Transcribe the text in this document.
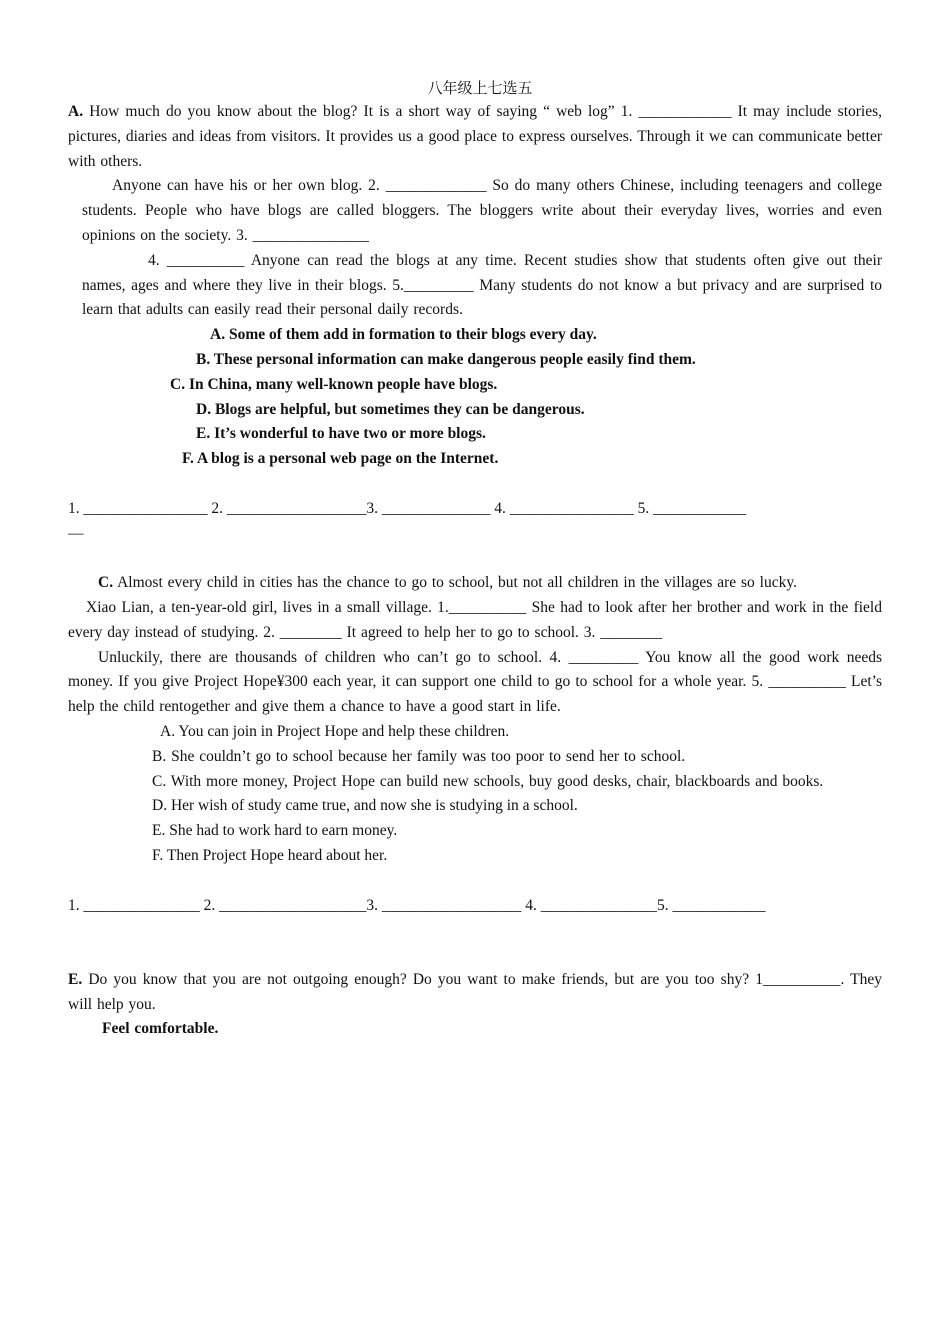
八年级上七选五
A. How much do you know about the blog? It is a short way of saying “ web log” 1. ____________ It may include stories, pictures, diaries and ideas from visitors. It provides us a good place to express ourselves. Through it we can communicate better with others.
Anyone can have his or her own blog. 2. _____________ So do many others Chinese, including teenagers and college students. People who have blogs are called bloggers. The bloggers write about their everyday lives, worries and even opinions on the society. 3. _______________
4. __________ Anyone can read the blogs at any time. Recent studies show that students often give out their names, ages and where they live in their blogs. 5._________ Many students do not know a but privacy and are surprised to learn that adults can easily read their personal daily records.
A. Some of them add in formation to their blogs every day.
B. These personal information can make dangerous people easily find them.
C. In China, many well-known people have blogs.
D. Blogs are helpful, but sometimes they can be dangerous.
E. It’s wonderful to have two or more blogs.
F. A blog is a personal web page on the Internet.
1. ________________ 2. __________________3. ______________ 4. ________________ 5. ____________
—
C. Almost every child in cities has the chance to go to school, but not all children in the villages are so lucky.
Xiao Lian, a ten-year-old girl, lives in a small village. 1.__________ She had to look after her brother and work in the field every day instead of studying. 2. ________ It agreed to help her to go to school. 3. ________
Unluckily, there are thousands of children who can’t go to school. 4. _________ You know all the good work needs money. If you give Project Hope¥300 each year, it can support one child to go to school for a whole year. 5. __________ Let’s help the child rentogether and give them a chance to have a good start in life.
A. You can join in Project Hope and help these children.
B. She couldn’t go to school because her family was too poor to send her to school.
C. With more money, Project Hope can build new schools, buy good desks, chair, blackboards and books.
D. Her wish of study came true, and now she is studying in a school.
E. She had to work hard to earn money.
F. Then Project Hope heard about her.
1. _______________ 2. ___________________3. __________________ 4. _______________5. ____________
E. Do you know that you are not outgoing enough? Do you want to make friends, but are you too shy? 1__________. They will help you.
Feel comfortable.
